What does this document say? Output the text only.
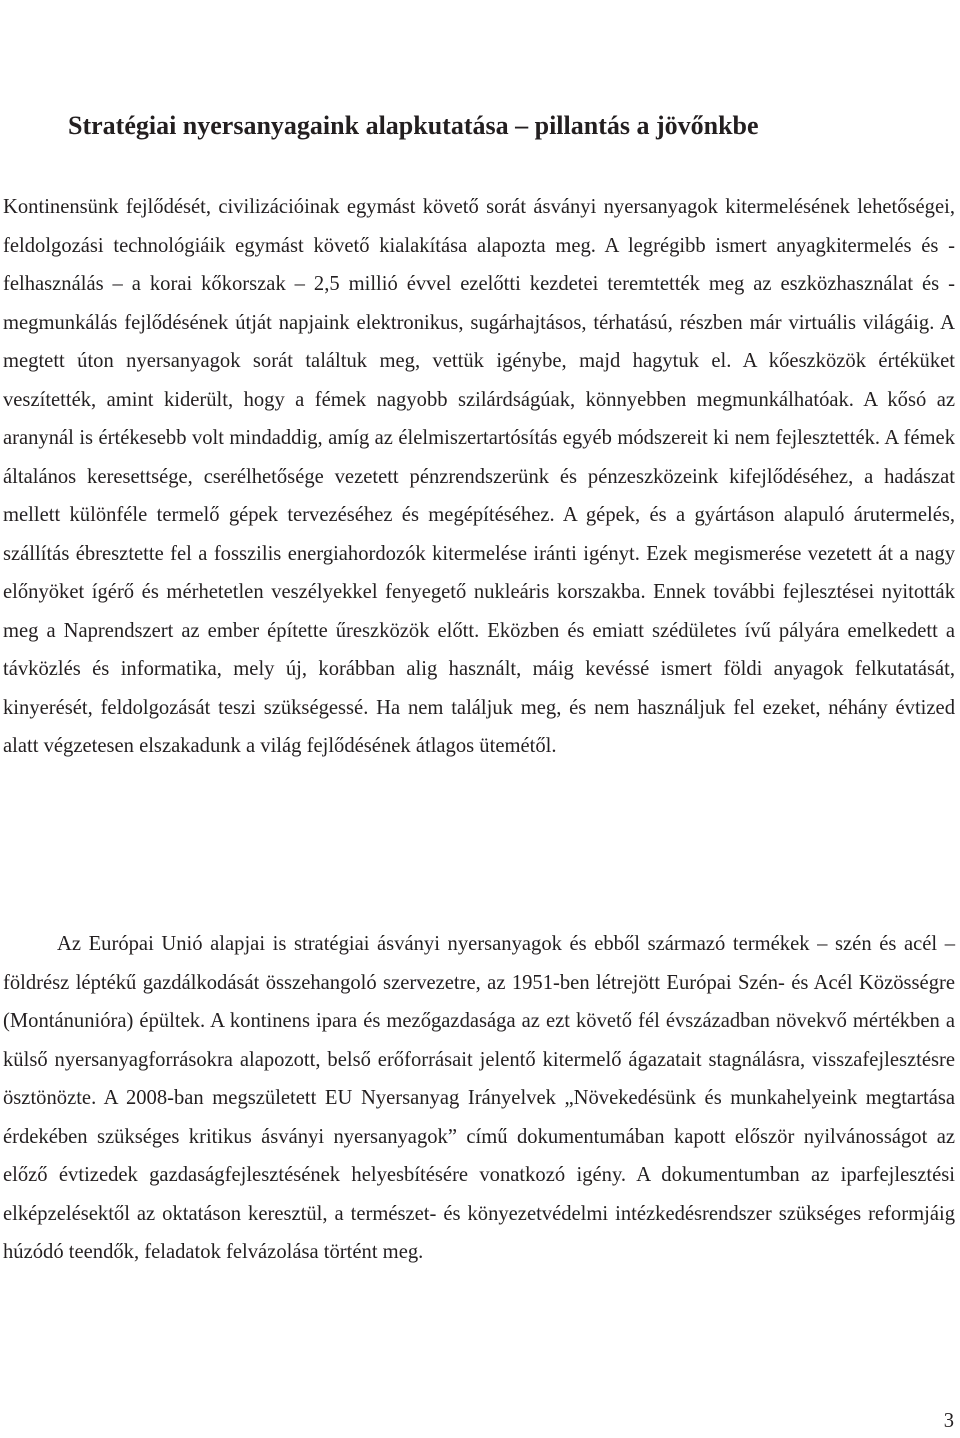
Stratégiai nyersanyagaink alapkutatása – pillantás a jövőnkbe

Kontinensünk fejlődését, civilizációinak egymást követő sorát ásványi nyersanyagok kitermelésének lehetőségei, feldolgozási technológiáik egymást követő kialakítása alapozta meg. A legrégibb ismert anyagkitermelés és -felhasználás – a korai kőkorszak – 2,5 millió évvel ezelőtti kezdetei teremtették meg az eszközhasználat és -megmunkálás fejlődésének útját napjaink elektronikus, sugárhajtásos, térhatású, részben már virtuális világáig. A megtett úton nyersanyagok sorát találtuk meg, vettük igénybe, majd hagytuk el. A kőeszközök értéküket veszítették, amint kiderült, hogy a fémek nagyobb szilárdságúak, könnyebben megmunkálhatóak. A kősó az aranynál is értékesebb volt mindaddig, amíg az élelmiszertartósítás egyéb módszereit ki nem fejlesztették. A fémek általános keresettsége, cserélhetősége vezetett pénzrendszerünk és pénzeszközeink kifejlődéséhez, a hadászat mellett különféle termelő gépek tervezéséhez és megépítéséhez. A gépek, és a gyártáson alapuló árutermelés, szállítás ébresztette fel a fosszilis energiahordozók kitermelése iránti igényt. Ezek megismerése vezetett át a nagy előnyöket ígérő és mérhetetlen veszélyekkel fenyegető nukleáris korszakba. Ennek további fejlesztései nyitották meg a Naprendszert az ember építette űreszközök előtt. Eközben és emiatt szédületes ívű pályára emelkedett a távközlés és informatika, mely új, korábban alig használt, máig kevéssé ismert földi anyagok felkutatását, kinyerését, feldolgozását teszi szükségessé. Ha nem találjuk meg, és nem használjuk fel ezeket, néhány évtized alatt végzetesen elszakadunk a világ fejlődésének átlagos ütemétől.

Az Európai Unió alapjai is stratégiai ásványi nyersanyagok és ebből származó termékek – szén és acél – földrész léptékű gazdálkodását összehangoló szervezetre, az 1951-ben létrejött Európai Szén- és Acél Közösségre (Montánunióra) épültek. A kontinens ipara és mezőgazdasága az ezt követő fél évszázadban növekvő mértékben a külső nyersanyagforrásokra alapozott, belső erőforrásait jelentő kitermelő ágazatait stagnálásra, visszafejlesztésre ösztönözte. A 2008-ban megszületett EU Nyersanyag Irányelvek „Növekedésünk és munkahelyeink megtartása érdekében szükséges kritikus ásványi nyersanyagok” című dokumentumában kapott először nyilvánosságot az előző évtizedek gazdaságfejlesztésének helyesbítésére vonatkozó igény. A dokumentumban az iparfejlesztési elképzelésektől az oktatáson keresztül, a természet- és könyezetvédelmi intézkedésrendszer szükséges reformjáig húzódó teendők, feladatok felvázolása történt meg.

3
